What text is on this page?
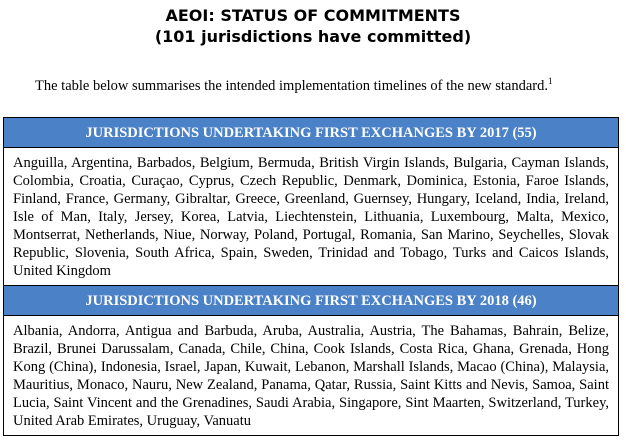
AEOI: STATUS OF COMMITMENTS
(101 jurisdictions have committed)
The table below summarises the intended implementation timelines of the new standard.$^1$
JURISDICTIONS UNDERTAKING FIRST EXCHANGES BY 2017 (55)
Anguilla, Argentina, Barbados, Belgium, Bermuda, British Virgin Islands, Bulgaria, Cayman Islands, Colombia, Croatia, Curaçao, Cyprus, Czech Republic, Denmark, Dominica, Estonia, Faroe Islands, Finland, France, Germany, Gibraltar, Greece, Greenland, Guernsey, Hungary, Iceland, India, Ireland, Isle of Man, Italy, Jersey, Korea, Latvia, Liechtenstein, Lithuania, Luxembourg, Malta, Mexico, Montserrat, Netherlands, Niue, Norway, Poland, Portugal, Romania, San Marino, Seychelles, Slovak Republic, Slovenia, South Africa, Spain, Sweden, Trinidad and Tobago, Turks and Caicos Islands, United Kingdom
JURISDICTIONS UNDERTAKING FIRST EXCHANGES BY 2018 (46)
Albania, Andorra, Antigua and Barbuda, Aruba, Australia, Austria, The Bahamas, Bahrain, Belize, Brazil, Brunei Darussalam, Canada, Chile, China, Cook Islands, Costa Rica, Ghana, Grenada, Hong Kong (China), Indonesia, Israel, Japan, Kuwait, Lebanon, Marshall Islands, Macao (China), Malaysia, Mauritius, Monaco, Nauru, New Zealand, Panama, Qatar, Russia, Saint Kitts and Nevis, Samoa, Saint Lucia, Saint Vincent and the Grenadines, Saudi Arabia, Singapore, Sint Maarten, Switzerland, Turkey, United Arab Emirates, Uruguay, Vanuatu
